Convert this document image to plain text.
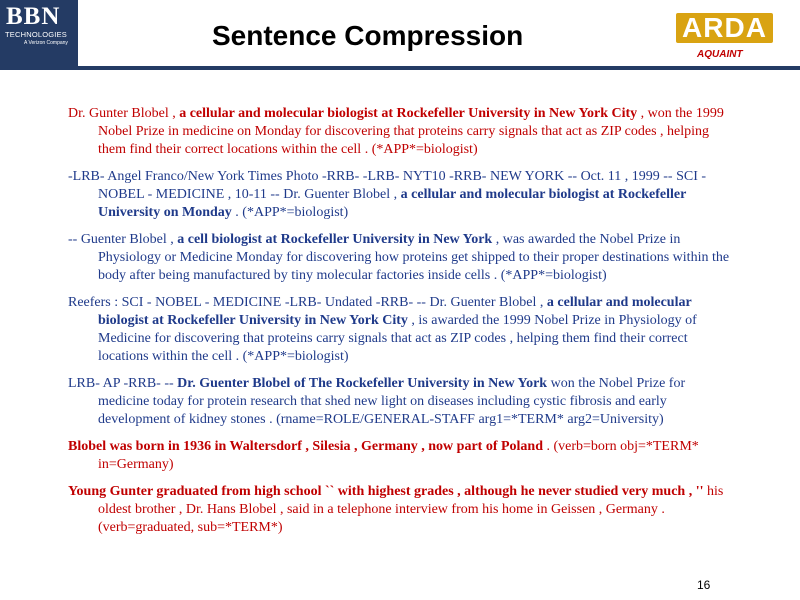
BBN
TECHNOLOGIES
A Verizon Company	Sentence Compression	ARDA
AQUAINT

Dr. Gunter Blobel , a cellular and molecular biologist at Rockefeller University in New York City , won the 1999 Nobel Prize in medicine on Monday for discovering that proteins carry signals that act as ZIP codes , helping them find their correct locations within the cell . (*APP*=biologist)

-LRB- Angel Franco/New York Times Photo -RRB- -LRB- NYT10 -RRB- NEW YORK -- Oct. 11 , 1999 -- SCI - NOBEL - MEDICINE , 10-11 -- Dr. Guenter Blobel , a cellular and molecular biologist at Rockefeller University on Monday . (*APP*=biologist)

-- Guenter Blobel , a cell biologist at Rockefeller University in New York , was awarded the Nobel Prize in Physiology or Medicine Monday for discovering how proteins get shipped to their proper destinations within the body after being manufactured by tiny molecular factories inside cells . (*APP*=biologist)

Reefers : SCI - NOBEL - MEDICINE -LRB- Undated -RRB- -- Dr. Guenter Blobel , a cellular and molecular biologist at Rockefeller University in New York City , is awarded the 1999 Nobel Prize in Physiology of Medicine for discovering that proteins carry signals that act as ZIP codes , helping them find their correct locations within the cell . (*APP*=biologist)

LRB- AP -RRB- -- Dr. Guenter Blobel of The Rockefeller University in New York won the Nobel Prize for medicine today for protein research that shed new light on diseases including cystic fibrosis and early development of kidney stones . (rname=ROLE/GENERAL-STAFF arg1=*TERM* arg2=University)

Blobel was born in 1936 in Waltersdorf , Silesia , Germany , now part of Poland . (verb=born obj=*TERM* in=Germany)

Young Gunter graduated from high school `` with highest grades , although he never studied very much , '' his oldest brother , Dr. Hans Blobel , said in a telephone interview from his home in Geissen , Germany . (verb=graduated, sub=*TERM*)

16
